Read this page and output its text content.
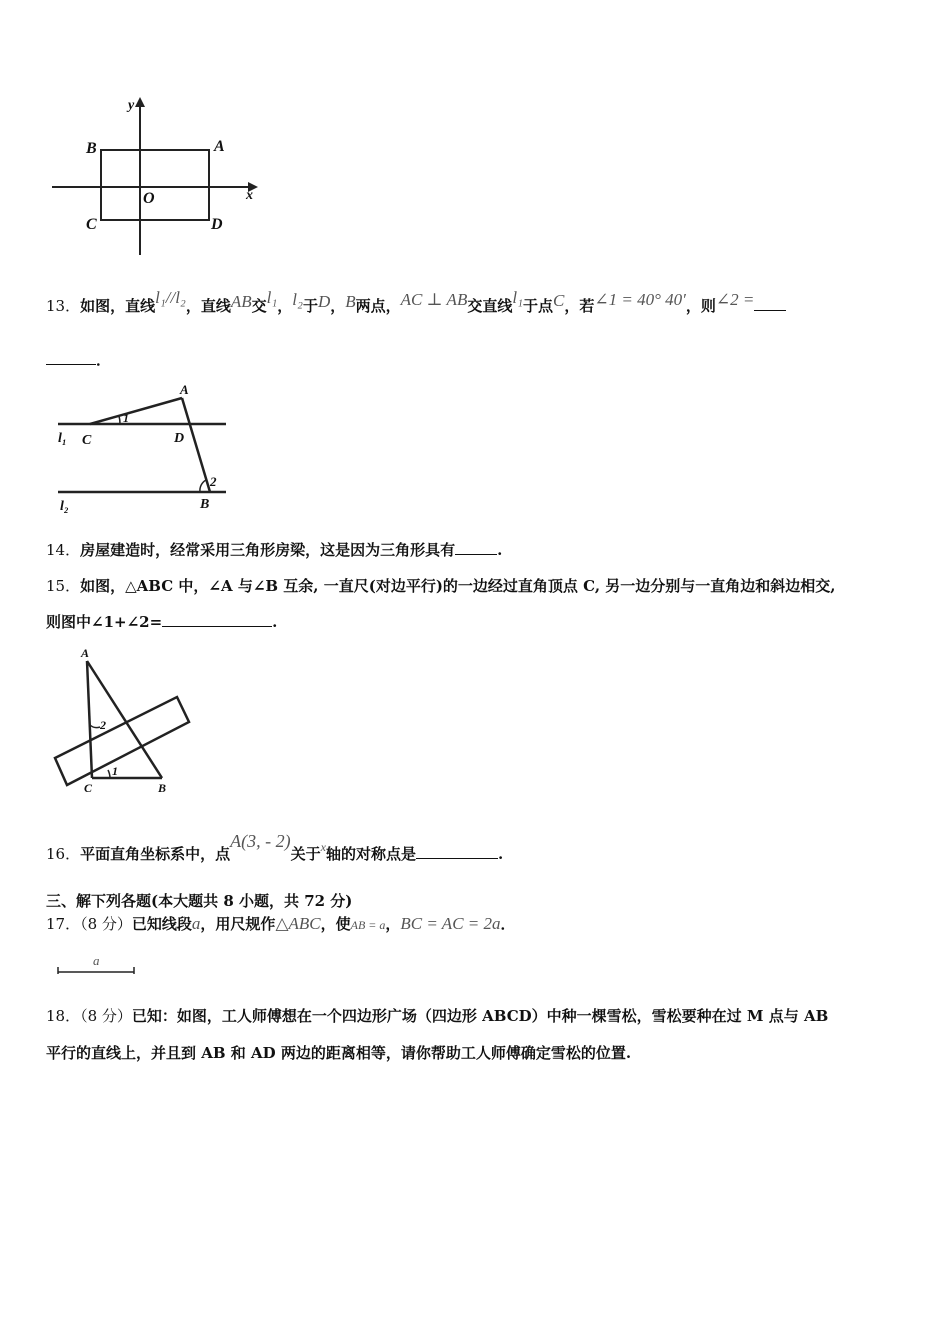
y
x
B	A
O
C	D
13．如图，直线l₁//l₂，直线AB交l₁，l₂于D，B两点，AC ⊥ AB交直线l₁于点C，若∠1 = 40° 40′，则∠2 =
．
A
1
l₁ C	D
2
l₂	B
14．房屋建造时，经常采用三角形房梁，这是因为三角形具有	.
15．如图，△ABC 中，∠A 与∠B 互余, 一直尺(对边平行)的一边经过直角顶点 C, 另一边分别与一直角边和斜边相交,
则图中∠1+∠2=	.
A
2
1
C	B
16．平面直角坐标系中，点A(3, - 2)关于$^x$轴的对称点是	.
三、解下列各题(本大题共 8 小题，共 72 分)
17．（8 分）已知线段a，用尺规作△ABC，使AB = a，BC = AC = 2a．
a
18．（8 分）已知：如图，工人师傅想在一个四边形广场（四边形 ABCD）中种一棵雪松，雪松要种在过 M 点与 AB
平行的直线上，并且到 AB 和 AD 两边的距离相等，请你帮助工人师傅确定雪松的位置.
